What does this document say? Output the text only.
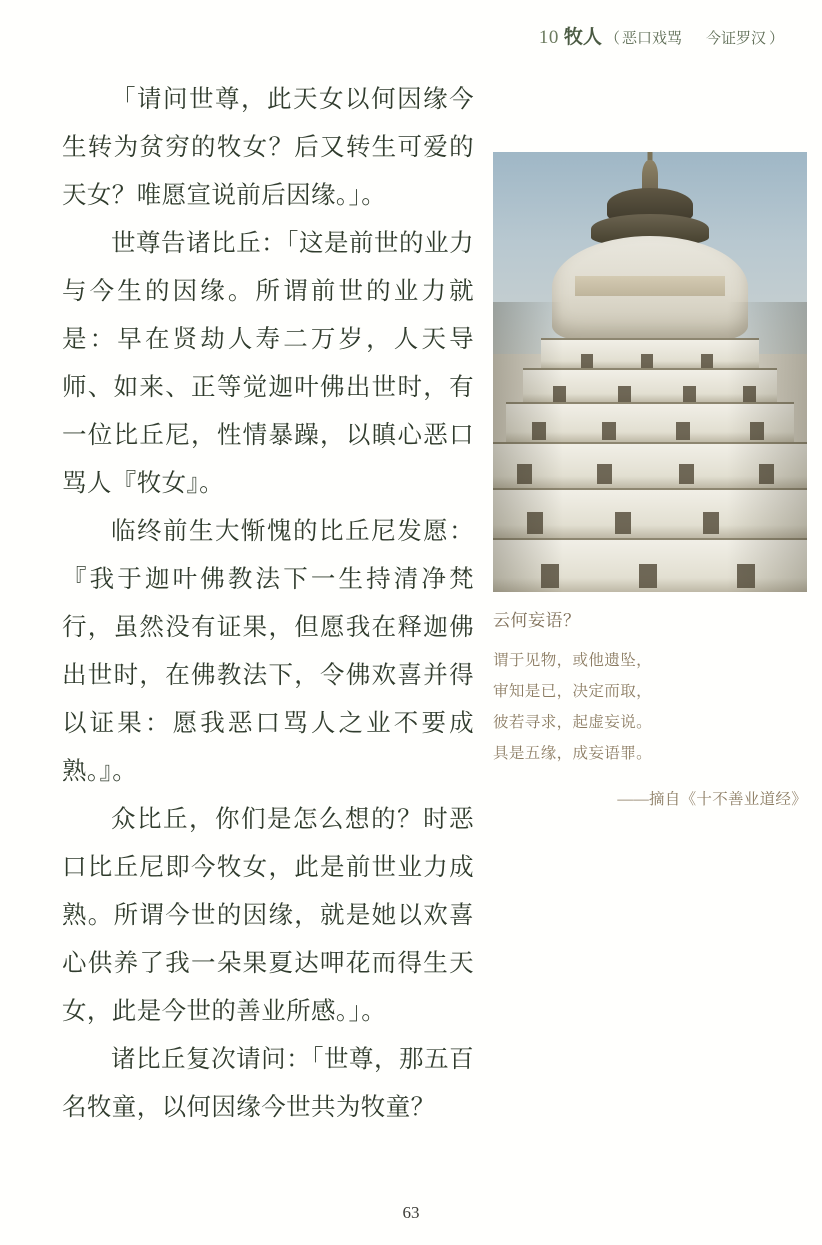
10 牧人 （ 恶口戏骂 今证罗汉 ）

「请问世尊，此天女以何因缘今生转为贫穷的牧女？后又转生可爱的天女？唯愿宣说前后因缘。」。

世尊告诸比丘：「这是前世的业力与今生的因缘。所谓前世的业力就是：早在贤劫人寿二万岁，人天导师、如来、正等觉迦叶佛出世时，有一位比丘尼，性情暴躁，以瞋心恶口骂人『牧女』。

临终前生大惭愧的比丘尼发愿：『我于迦叶佛教法下一生持清净梵行，虽然没有证果，但愿我在释迦佛出世时，在佛教法下，令佛欢喜并得以证果：愿我恶口骂人之业不要成熟。』。

众比丘，你们是怎么想的？时恶口比丘尼即今牧女，此是前世业力成熟。所谓今世的因缘，就是她以欢喜心供养了我一朵果夏达呷花而得生天女，此是今世的善业所感。」。

诸比丘复次请问：「世尊，那五百名牧童，以何因缘今世共为牧童？

云何妄语？
谓于见物，或他遗坠，
审知是已，决定而取，
彼若寻求，起虚妄说。
具是五缘，成妄语罪。
——摘自《十不善业道经》
63
